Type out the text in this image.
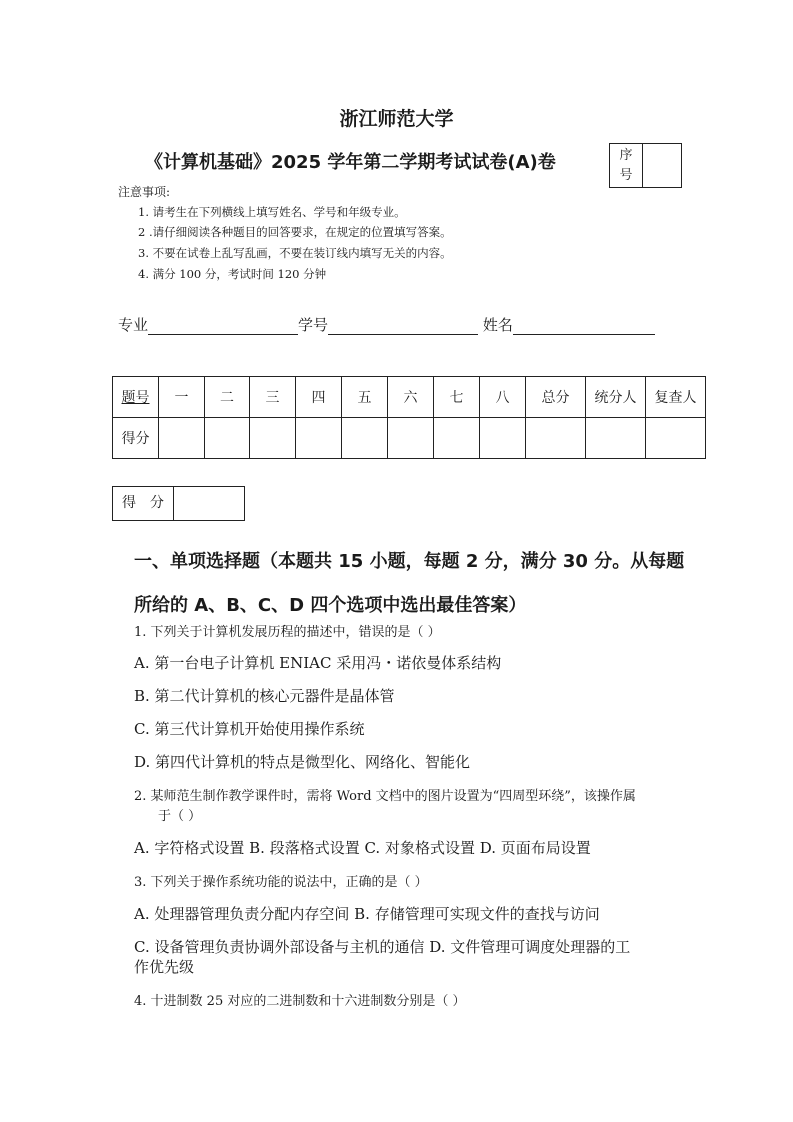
浙江师范大学
《计算机基础》2025 学年第二学期考试试卷(A)卷	序
号
注意事项:
1. 请考生在下列横线上填写姓名、学号和年级专业。
2 .请仔细阅读各种题目的回答要求，在规定的位置填写答案。
3. 不要在试卷上乱写乱画，不要在装订线内填写无关的内容。
4. 满分 100 分，考试时间 120 分钟
专业	学号	姓名
题号	一	二	三	四	五	六	七	八	总分	统分人	复查人
得分											
得　分
一、单项选择题（本题共 15 小题，每题 2 分，满分 30 分。从每题所给的 A、B、C、D 四个选项中选出最佳答案）
1. 下列关于计算机发展历程的描述中，错误的是（ ）
A. 第一台电子计算机 ENIAC 采用冯・诺依曼体系结构
B. 第二代计算机的核心元器件是晶体管
C. 第三代计算机开始使用操作系统
D. 第四代计算机的特点是微型化、网络化、智能化
2. 某师范生制作教学课件时，需将 Word 文档中的图片设置为“四周型环绕”，该操作属
于（ ）
A. 字符格式设置 B. 段落格式设置 C. 对象格式设置 D. 页面布局设置
3. 下列关于操作系统功能的说法中，正确的是（ ）
A. 处理器管理负责分配内存空间 B. 存储管理可实现文件的查找与访问
C. 设备管理负责协调外部设备与主机的通信 D. 文件管理可调度处理器的工
作优先级
4. 十进制数 25 对应的二进制数和十六进制数分别是（ ）
